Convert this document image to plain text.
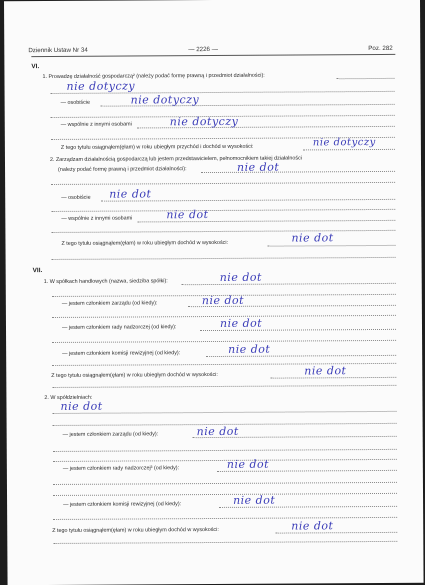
Dziennik Ustaw Nr 34	— 2226 —	Poz. 282
VI.
1. Prowadzę działalność gospodarczą² (należy podać formę prawną i przedmiot działalności):
nie dotyczy
— osobiście	nie dotyczy
— wspólnie z innymi osobami	nie dotyczy
Z tego tytułu osiągnąłem(ęłam) w roku ubiegłym przychód i dochód w wysokości:	nie dotyczy
2. Zarządzam działalnością gospodarczą lub jestem przedstawicielem, pełnomocnikiem takiej działalności
(należy podać formę prawną i przedmiot działalności):	nie dot
— osobiście nie dot
— wspólnie z innymi osobami	nie dot
Z tego tytułu osiągnąłem(ęłam) w roku ubiegłym dochód w wysokości:	nie dot
VII.
1. W spółkach handlowych (nazwa, siedziba spółki):	nie dot
— jestem członkiem zarządu (od kiedy):	nie dot
— jestem członkiem rady nadzorczej (od kiedy):	nie dot
— jestem członkiem komisji rewizyjnej (od kiedy):	nie dot
Z tego tytułu osiągnąłem(ęłam) w roku ubiegłym dochód w wysokości:	nie dot
2. W spółdzielniach:
nie dot
— jestem członkiem zarządu (od kiedy):	nie dot
— jestem członkiem rady nadzorczej³ (od kiedy):	nie dot
— jestem członkiem komisji rewizyjnej (od kiedy):	nie dot
Z tego tytułu osiągnąłem(ęłam) w roku ubiegłym dochód w wysokości:	nie dot
